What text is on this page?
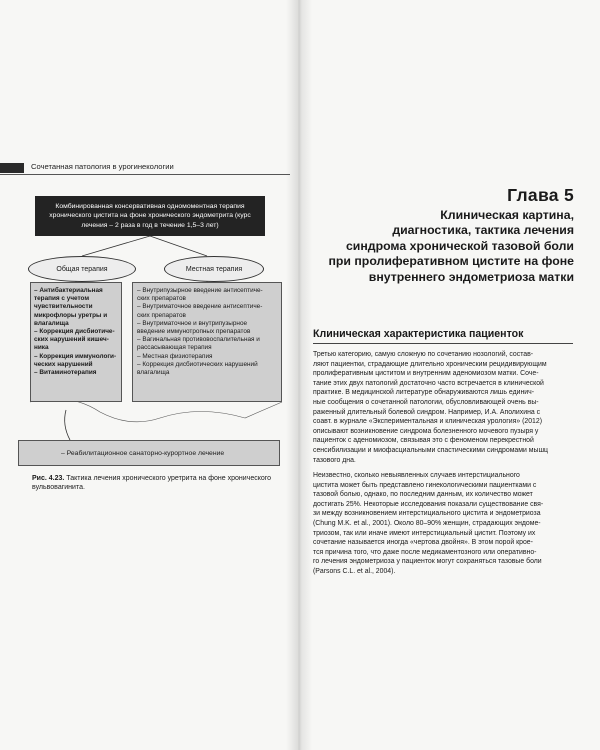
Сочетанная патология в урогинекологии
Комбинированная консервативная одномоментная терапия хронического цистита на фоне хронического эндометрита (курс лечения – 2 раза в год в течение 1,5–3 лет)
Общая терапия	Местная терапия

– Антибактериальная
терапия с учетом
чувствительности
микрофлоры уретры и
влагалища

– Коррекция дисбиотиче-
ских нарушений кишеч-
ника

– Коррекция иммунологи-
ческих нарушений

– Витаминотерапия

– Внутрипузырное введение антисептиче-
ских препаратов

– Внутриматочное введение антисептиче-
ских препаратов

– Внутриматочное и внутрипузырное
введение иммунотропных препаратов

– Вагинальная противовоспалительная и
рассасывающая терапия

– Местная физиотерапия

– Коррекция дисбиотических нарушений
влагалища

– Реабилитационное санаторно-курортное лечение
Рис. 4.23. Тактика лечения хронического уретрита на фоне хронического вульвовагинита.
Глава 5
Клиническая картина,
диагностика, тактика лечения
синдрома хронической тазовой боли
при пролиферативном цистите на фоне
внутреннего эндометриоза матки
Клиническая характеристика пациенток
Третью категорию, самую сложную по сочетанию нозологий, состав-
ляют пациентки, страдающие длительно хроническим рецидивирующим
пролиферативным циститом и внутренним аденомиозом матки. Соче-
тание этих двух патологий достаточно часто встречается в клинической
практике. В медицинской литературе обнаруживаются лишь единич-
ные сообщения о сочетанной патологии, обусловливающей очень вы-
раженный длительный болевой синдром. Например, И.А. Аполихина с
соавт. в журнале «Экспериментальная и клиническая урология» (2012)
описывают возникновение синдрома болезненного мочевого пузыря у
пациенток с аденомиозом, связывая это с феноменом перекрестной
сенсибилизации и миофасциальными спастическими синдромами мышц
тазового дна.
Неизвестно, сколько невыявленных случаев интерстициального
цистита может быть представлено гинекологическими пациентками с
тазовой болью, однако, по последним данным, их количество может
достигать 25%. Некоторые исследования показали существование свя-
зи между возникновением интерстициального цистита и эндометриоза
(Chung M.K. et al., 2001). Около 80–90% женщин, страдающих эндоме-
триозом, так или иначе имеют интерстициальный цистит. Поэтому их
сочетание называется иногда «чертова двойня». В этом порой крое-
тся причина того, что даже после медикаментозного или оперативно-
го лечения эндометриоза у пациенток могут сохраняться тазовые боли
(Parsons C.L. et al., 2004).
